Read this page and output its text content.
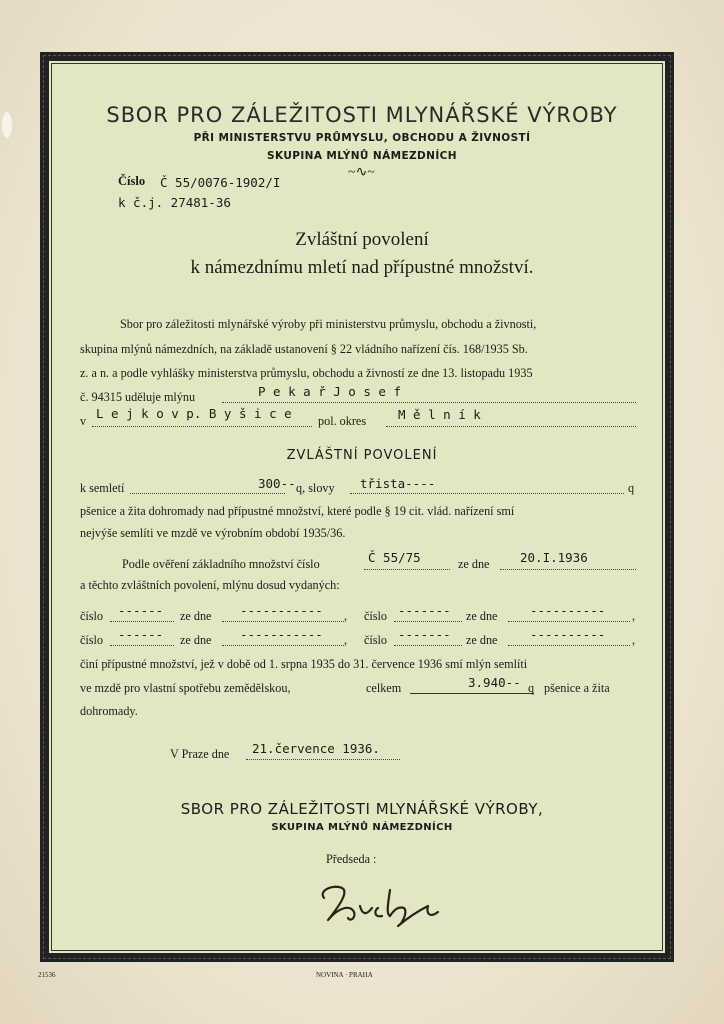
SBOR PRO ZÁLEŽITOSTI MLYNÁŘSKÉ VÝROBY
PŘI MINISTERSTVU PRŮMYSLU, OBCHODU A ŽIVNOSTÍ
SKUPINA MLÝNŮ NÁMEZDNÍCH
~∿~
Číslo Č 55/0076-1902/I
k č.j. 27481-36
Zvláštní povolení
k námezdnímu mletí nad přípustné množství.
Sbor pro záležitosti mlynářské výroby při ministerstvu průmyslu, obchodu a živnosti,
skupina mlýnů námezdních, na základě ustanovení § 22 vládního nařízení čís. 168/1935 Sb.
z. a n. a podle vyhlášky ministerstva průmyslu, obchodu a živností ze dne 13. listopadu 1935
č. 94315 uděluje mlýnu	P e k a ř J o s e f
v L e j k o v p. B y š i c e pol. okres	M ě l n í k
ZVLÁŠTNÍ POVOLENÍ
k semletí	300-- q, slovy třista----	q
pšenice a žita dohromady nad přípustné množství, které podle § 19 cit. vlád. nařízení smí
nejvýše semlíti ve mzdě ve výrobním období 1935/36.
Podle ověření základního množství číslo	Č 55/75	ze dne 20.I.1936
a těchto zvláštních povolení, mlýnu dosud vydaných:
číslo ------ ze dne ----------- , číslo ------- ze dne	---------- ,
číslo ------ ze dne ----------- , číslo ------- ze dne	---------- ,
činí přípustné množství, jež v době od 1. srpna 1935 do 31. července 1936 smí mlýn semlíti
ve mzdě pro vlastní spotřebu zemědělskou,	celkem	3.940-- q pšenice a žita
dohromady.
V Praze dne 21.července 1936.
SBOR PRO ZÁLEŽITOSTI MLYNÁŘSKÉ VÝROBY,
SKUPINA MLÝNŮ NÁMEZDNÍCH
Předseda :
21536	NOVINA · PRAHA
